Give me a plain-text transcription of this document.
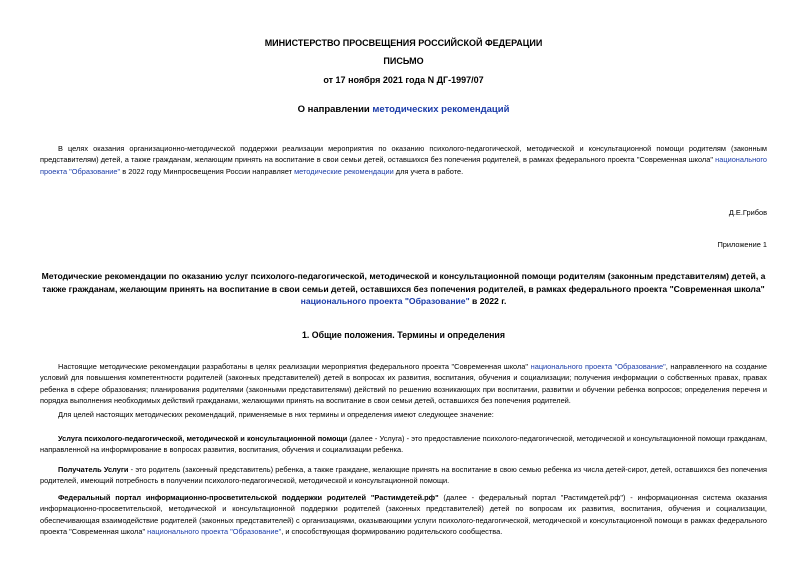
МИНИСТЕРСТВО ПРОСВЕЩЕНИЯ РОССИЙСКОЙ ФЕДЕРАЦИИ
ПИСЬМО
от 17 ноября 2021 года N ДГ-1997/07
О направлении методических рекомендаций
В целях оказания организационно-методической поддержки реализации мероприятия по оказанию психолого-педагогической, методической и консультационной помощи родителям (законным представителям) детей, а также гражданам, желающим принять на воспитание в свои семьи детей, оставшихся без попечения родителей, в рамках федерального проекта "Современная школа" национального проекта "Образование" в 2022 году Минпросвещения России направляет методические рекомендации для учета в работе.
Д.Е.Грибов
Приложение 1
Методические рекомендации по оказанию услуг психолого-педагогической, методической и консультационной помощи родителям (законным представителям) детей, а также гражданам, желающим принять на воспитание в свои семьи детей, оставшихся без попечения родителей, в рамках федерального проекта "Современная школа" национального проекта "Образование" в 2022 г.
1. Общие положения. Термины и определения
Настоящие методические рекомендации разработаны в целях реализации мероприятия федерального проекта "Современная школа" национального проекта "Образование", направленного на создание условий для повышения компетентности родителей (законных представителей) детей в вопросах их развития, воспитания, обучения и социализации; получения информации о собственных правах, правах ребенка в сфере образования; планирования родителями (законными представителями) действий по решению возникающих при воспитании, развитии и обучении ребенка вопросов; определения перечня и порядка выполнения необходимых действий гражданами, желающими принять на воспитание в свои семьи детей, оставшихся без попечения родителей.
Для целей настоящих методических рекомендаций, применяемые в них термины и определения имеют следующее значение:
Услуга психолого-педагогической, методической и консультационной помощи (далее - Услуга) - это предоставление психолого-педагогической, методической и консультационной помощи гражданам, направленной на информирование в вопросах развития, воспитания, обучения и социализации ребенка.
Получатель Услуги - это родитель (законный представитель) ребенка, а также граждане, желающие принять на воспитание в свою семью ребенка из числа детей-сирот, детей, оставшихся без попечения родителей, имеющий потребность в получении психолого-педагогической, методической и консультационной помощи.
Федеральный портал информационно-просветительской поддержки родителей "Растимдетей.рф" (далее - федеральный портал "Растимдетей.рф") - информационная система оказания информационно-просветительской, методической и консультационной поддержки родителей (законных представителей) детей по вопросам их развития, воспитания, обучения и социализации, обеспечивающая взаимодействие родителей (законных представителей) с организациями, оказывающими услуги психолого-педагогической, методической и консультационной помощи в рамках федерального проекта "Современная школа" национального проекта "Образование", и способствующая формированию родительского сообщества.
